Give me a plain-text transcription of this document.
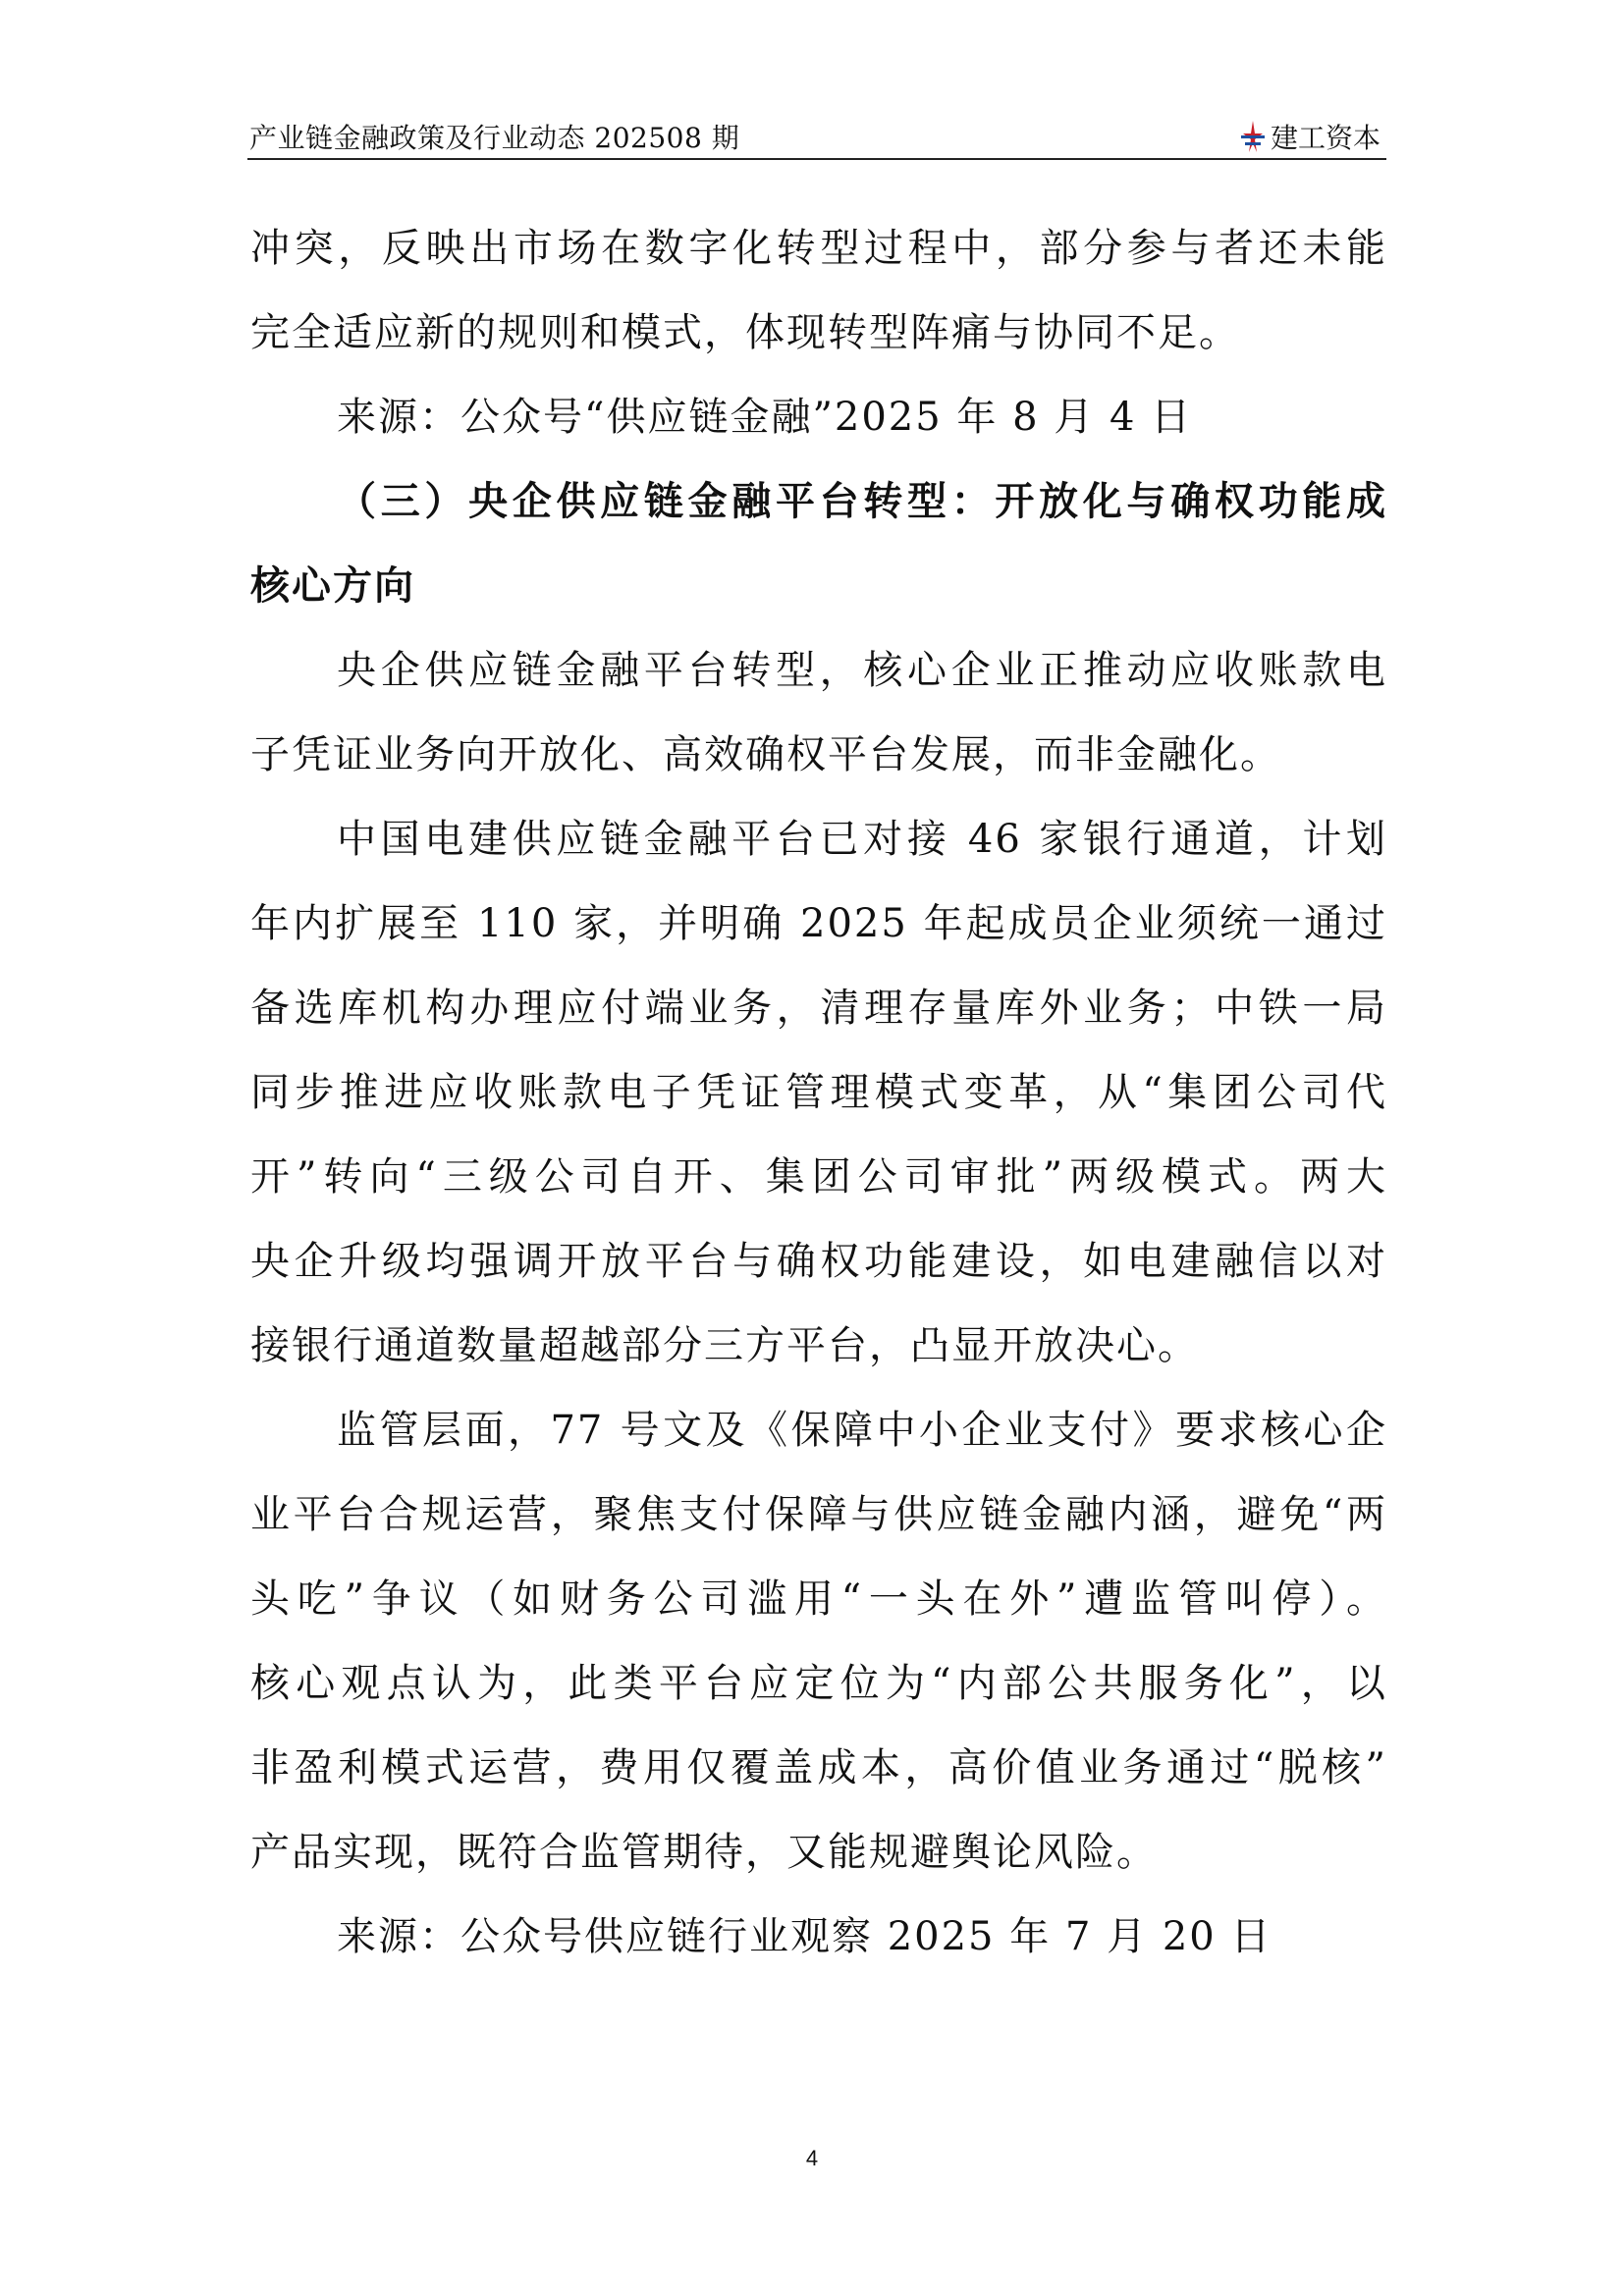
产业链金融政策及行业动态 202508 期	建工资本
冲突，反映出市场在数字化转型过程中，部分参与者还未能
完全适应新的规则和模式，体现转型阵痛与协同不足。
来源：公众号“供应链金融”2025 年 8 月 4 日
（三）央企供应链金融平台转型：开放化与确权功能成
核心方向
央企供应链金融平台转型，核心企业正推动应收账款电
子凭证业务向开放化、高效确权平台发展，而非金融化。
中国电建供应链金融平台已对接 46 家银行通道，计划
年内扩展至 110 家，并明确 2025 年起成员企业须统一通过
备选库机构办理应付端业务，清理存量库外业务；中铁一局
同步推进应收账款电子凭证管理模式变革，从“集团公司代
开”转向“三级公司自开、集团公司审批”两级模式。两大
央企升级均强调开放平台与确权功能建设，如电建融信以对
接银行通道数量超越部分三方平台，凸显开放决心。
监管层面，77 号文及《保障中小企业支付》要求核心企
业平台合规运营，聚焦支付保障与供应链金融内涵，避免“两
头吃”争议（如财务公司滥用“一头在外”遭监管叫停）。
核心观点认为，此类平台应定位为“内部公共服务化”，以
非盈利模式运营，费用仅覆盖成本，高价值业务通过“脱核”
产品实现，既符合监管期待，又能规避舆论风险。
来源：公众号供应链行业观察 2025 年 7 月 20 日
4
